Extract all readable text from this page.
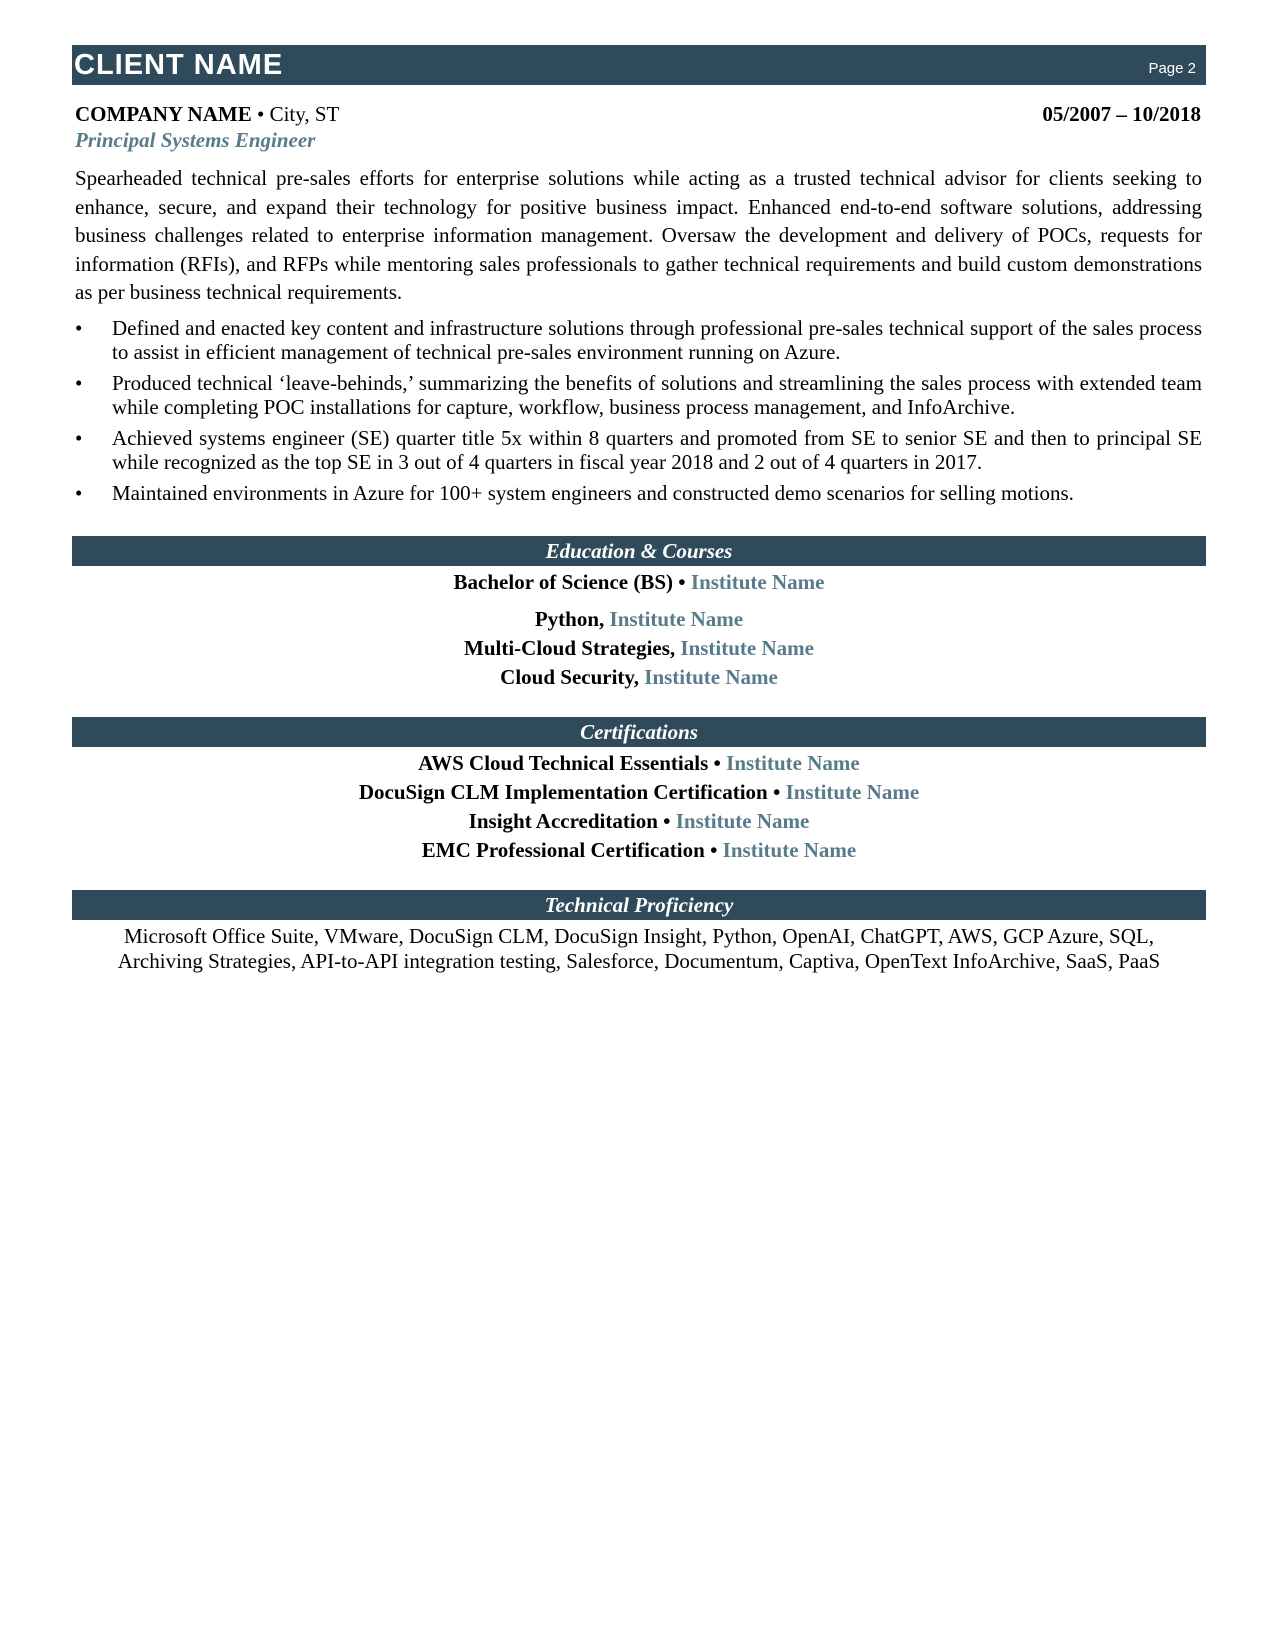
CLIENT NAME	Page 2
COMPANY NAME • City, ST	05/2007 – 10/2018
Principal Systems Engineer

Spearheaded technical pre-sales efforts for enterprise solutions while acting as a trusted technical advisor for clients seeking to enhance, secure, and expand their technology for positive business impact. Enhanced end-to-end software solutions, addressing business challenges related to enterprise information management. Oversaw the development and delivery of POCs, requests for information (RFIs), and RFPs while mentoring sales professionals to gather technical requirements and build custom demonstrations as per business technical requirements.

• Defined and enacted key content and infrastructure solutions through professional pre-sales technical support of the sales process to assist in efficient management of technical pre-sales environment running on Azure.
• Produced technical ‘leave-behinds,’ summarizing the benefits of solutions and streamlining the sales process with extended team while completing POC installations for capture, workflow, business process management, and InfoArchive.
• Achieved systems engineer (SE) quarter title 5x within 8 quarters and promoted from SE to senior SE and then to principal SE while recognized as the top SE in 3 out of 4 quarters in fiscal year 2018 and 2 out of 4 quarters in 2017.
• Maintained environments in Azure for 100+ system engineers and constructed demo scenarios for selling motions.
Education & Courses
Bachelor of Science (BS) • Institute Name
Python, Institute Name
Multi-Cloud Strategies, Institute Name
Cloud Security, Institute Name
Certifications
AWS Cloud Technical Essentials • Institute Name
DocuSign CLM Implementation Certification • Institute Name
Insight Accreditation • Institute Name
EMC Professional Certification • Institute Name
Technical Proficiency
Microsoft Office Suite, VMware, DocuSign CLM, DocuSign Insight, Python, OpenAI, ChatGPT, AWS, GCP Azure, SQL,
Archiving Strategies, API-to-API integration testing, Salesforce, Documentum, Captiva, OpenText InfoArchive, SaaS, PaaS
